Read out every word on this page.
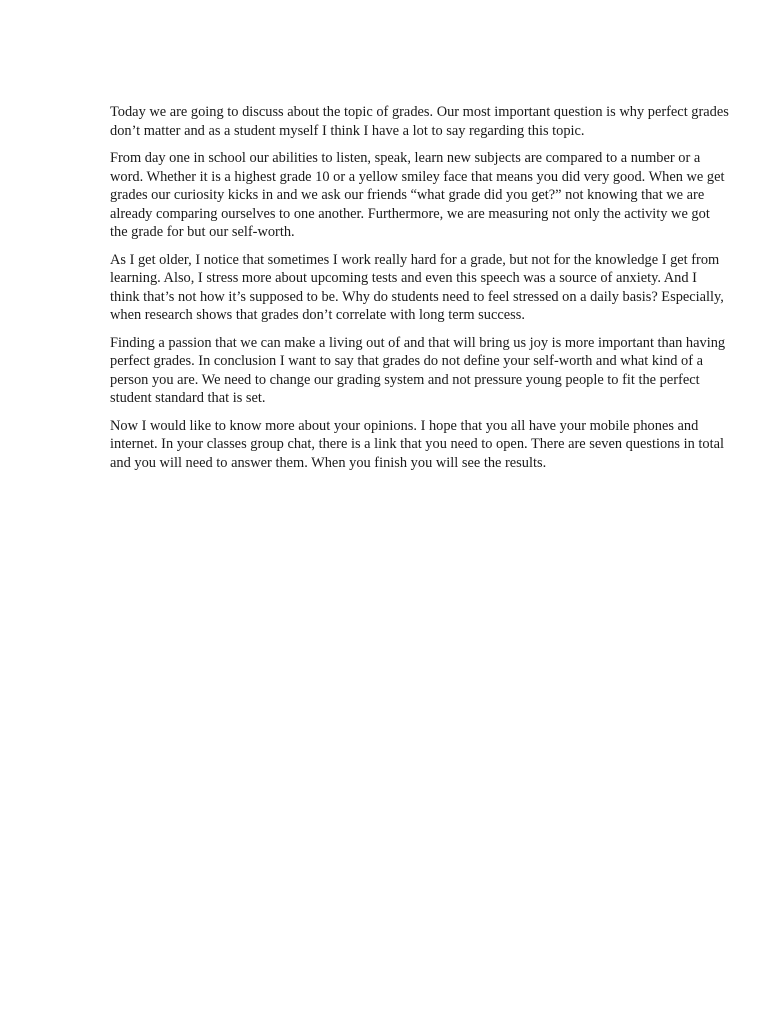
Today we are going to discuss about the topic of grades. Our most important question is why perfect grades don’t matter and as a student myself I think I have a lot to say regarding this topic.

From day one in school our abilities to listen, speak, learn new subjects are compared to a number or a word. Whether it is a highest grade 10 or a yellow smiley face that means you did very good. When we get grades our curiosity kicks in and we ask our friends “what grade did you get?” not knowing that we are already comparing ourselves to one another. Furthermore, we are measuring not only the activity we got the grade for but our self-worth.

As I get older, I notice that sometimes I work really hard for a grade, but not for the knowledge I get from learning. Also, I stress more about upcoming tests and even this speech was a source of anxiety. And I think that’s not how it’s supposed to be. Why do students need to feel stressed on a daily basis? Especially, when research shows that grades don’t correlate with long term success.

Finding a passion that we can make a living out of and that will bring us joy is more important than having perfect grades. In conclusion I want to say that grades do not define your self-worth and what kind of a person you are. We need to change our grading system and not pressure young people to fit the perfect student standard that is set.

Now I would like to know more about your opinions. I hope that you all have your mobile phones and internet. In your classes group chat, there is a link that you need to open. There are seven questions in total and you will need to answer them. When you finish you will see the results.
